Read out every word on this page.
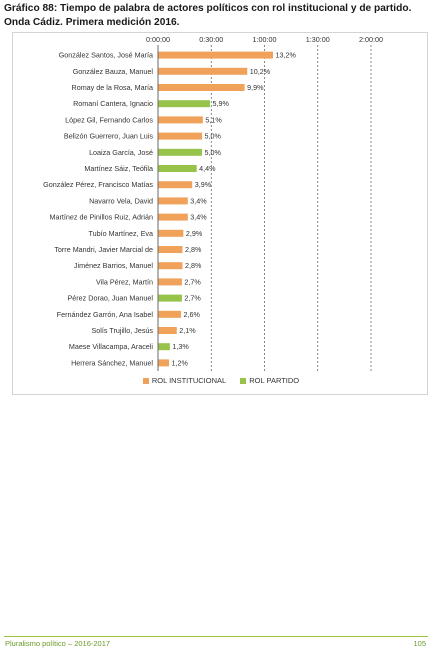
Gráfico 88: Tiempo de palabra de actores políticos con rol institucional y de partido.
Onda Cádiz. Primera medición 2016.
0:00:00	0:30:00	1:00:00	1:30:00	2:00:00
González Santos, José María	13,2%
González Bauza, Manuel	10,2%
Romay de la Rosa, María	9,9%
Romaní Cantera, Ignacio	5,9%
López Gil, Fernando Carlos	5,1%
Belizón Guerrero, Juan Luis	5,0%
Loaiza García, José	5,0%
Martínez Sáiz, Teófila	4,4%
González Pérez, Francisco Matías	3,9%
Navarro Vela, David	3,4%
Martínez de Pinillos Ruiz, Adrián	3,4%
Tubío Martínez, Eva	2,9%
Torre Mandri, Javier Marcial de	2,8%
Jiménez Barrios, Manuel	2,8%
Vila Pérez, Martín	2,7%
Pérez Dorao, Juan Manuel	2,7%
Fernández Garrón, Ana Isabel	2,6%
Solís Trujillo, Jesús	2,1%
Maese Villacampa, Araceli	1,3%
Herrera Sánchez, Manuel	1,2%
ROL INSTITUCIONAL
	ROL PARTIDO
Pluralismo político – 2016-2017	105
